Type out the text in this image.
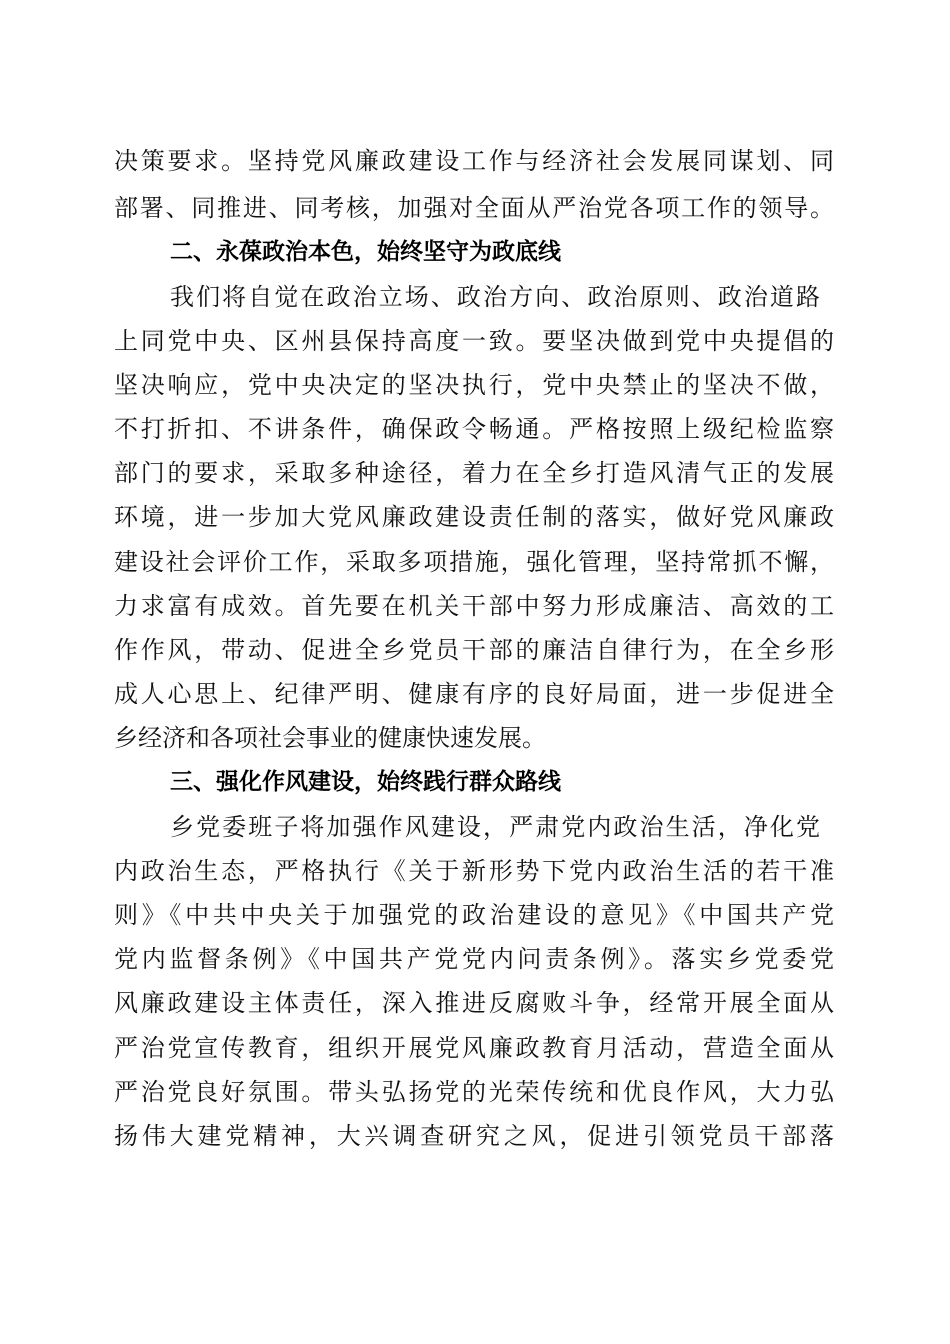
决策要求。坚持党风廉政建设工作与经济社会发展同谋划、同
部署、同推进、同考核，加强对全面从严治党各项工作的领导。
二、永葆政治本色，始终坚守为政底线
我们将自觉在政治立场、政治方向、政治原则、政治道路
上同党中央、区州县保持高度一致。要坚决做到党中央提倡的
坚决响应，党中央决定的坚决执行，党中央禁止的坚决不做，
不打折扣、不讲条件，确保政令畅通。严格按照上级纪检监察
部门的要求，采取多种途径，着力在全乡打造风清气正的发展
环境，进一步加大党风廉政建设责任制的落实，做好党风廉政
建设社会评价工作，采取多项措施，强化管理，坚持常抓不懈，
力求富有成效。首先要在机关干部中努力形成廉洁、高效的工
作作风，带动、促进全乡党员干部的廉洁自律行为，在全乡形
成人心思上、纪律严明、健康有序的良好局面，进一步促进全
乡经济和各项社会事业的健康快速发展。
三、强化作风建设，始终践行群众路线
乡党委班子将加强作风建设，严肃党内政治生活，净化党
内政治生态，严格执行《关于新形势下党内政治生活的若干准
则》《中共中央关于加强党的政治建设的意见》《中国共产党
党内监督条例》《中国共产党党内问责条例》。落实乡党委党
风廉政建设主体责任，深入推进反腐败斗争，经常开展全面从
严治党宣传教育，组织开展党风廉政教育月活动，营造全面从
严治党良好氛围。带头弘扬党的光荣传统和优良作风，大力弘
扬伟大建党精神，大兴调查研究之风，促进引领党员干部落
